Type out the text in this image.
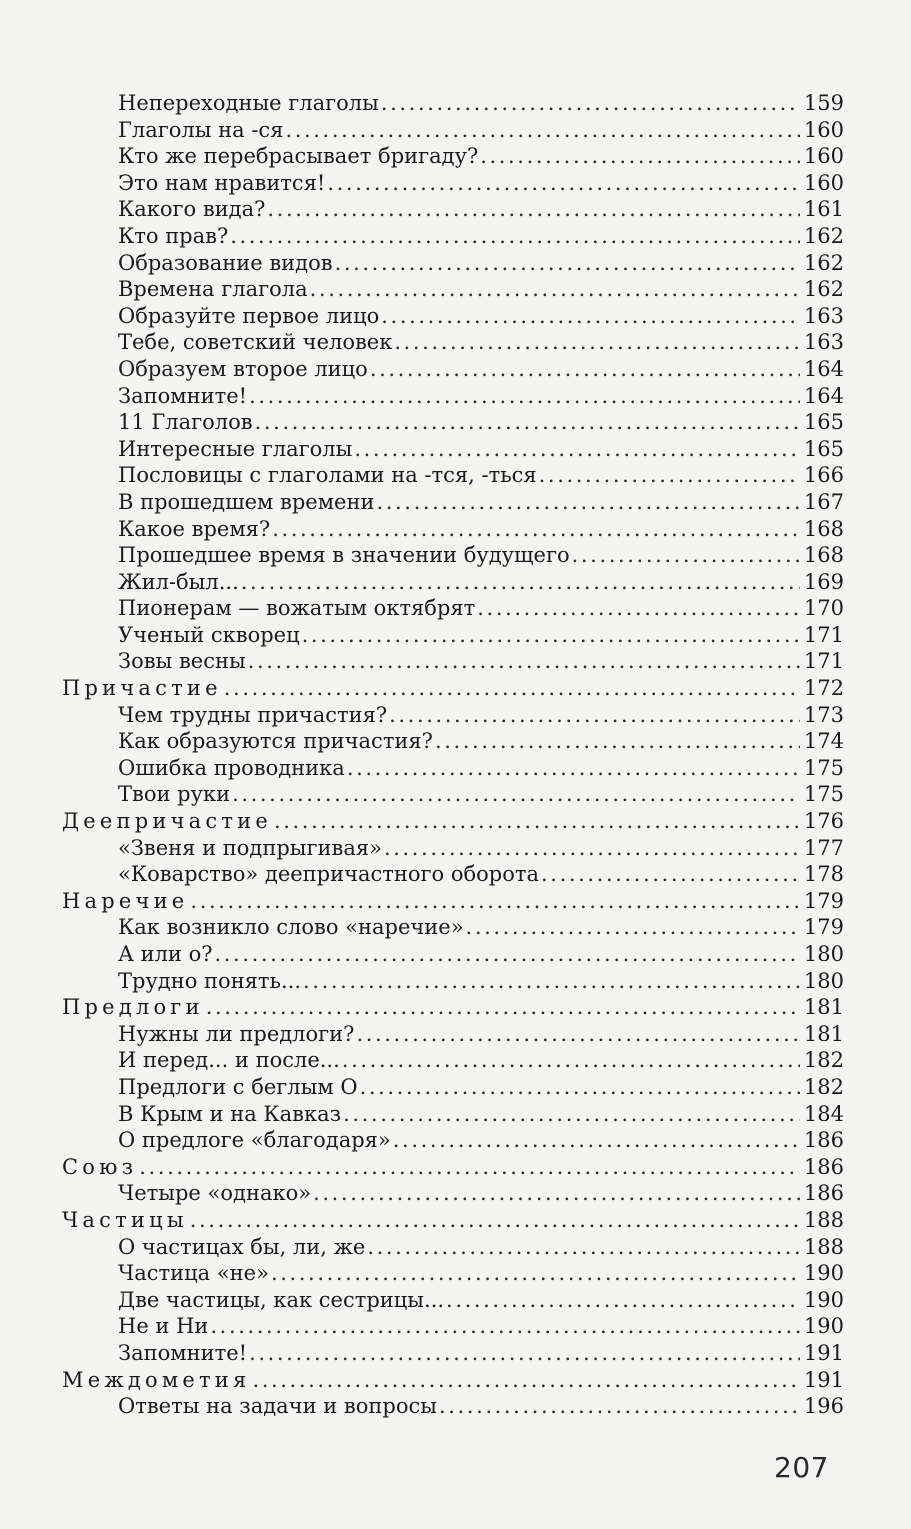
Непереходные глаголы .....	159
Глаголы на -ся .....	160
Кто же перебрасывает бригаду? .....	160
Это нам нравится! .....	160
Какого вида? .....	161
Кто прав? .....	162
Образование видов .....	162
Времена глагола .....	162
Образуйте первое лицо .....	163
Тебе, советский человек .....	163
Образуем второе лицо .....	164
Запомните! .....	164
11 Глаголов .....	165
Интересные глаголы .....	165
Пословицы с глаголами на -тся, -ться .....	166
В прошедшем времени .....	167
Какое время? .....	168
Прошедшее время в значении будущего .....	168
Жил-был... .....	169
Пионерам — вожатым октябрят .....	170
Ученый скворец .....	171
Зовы весны .....	171
Причастие .....	172
Чем трудны причастия? .....	173
Как образуются причастия? .....	174
Ошибка проводника .....	175
Твои руки .....	175
Деепричастие .....	176
«Звеня и подпрыгивая» .....	177
«Коварство» деепричастного оборота .....	178
Наречие .....	179
Как возникло слово «наречие» .....	179
А или о? .....	180
Трудно понять... .....	180
Предлоги .....	181
Нужны ли предлоги? .....	181
И перед... и после... .....	182
Предлоги с беглым О .....	182
В Крым и на Кавказ .....	184
О предлоге «благодаря» .....	186
Союз .....	186
Четыре «однако» .....	186
Частицы .....	188
О частицах бы, ли, же .....	188
Частица «не» .....	190
Две частицы, как сестрицы... .....	190
Не и Ни .....	190
Запомните! .....	191
Междометия .....	191
Ответы на задачи и вопросы .....	196
207
